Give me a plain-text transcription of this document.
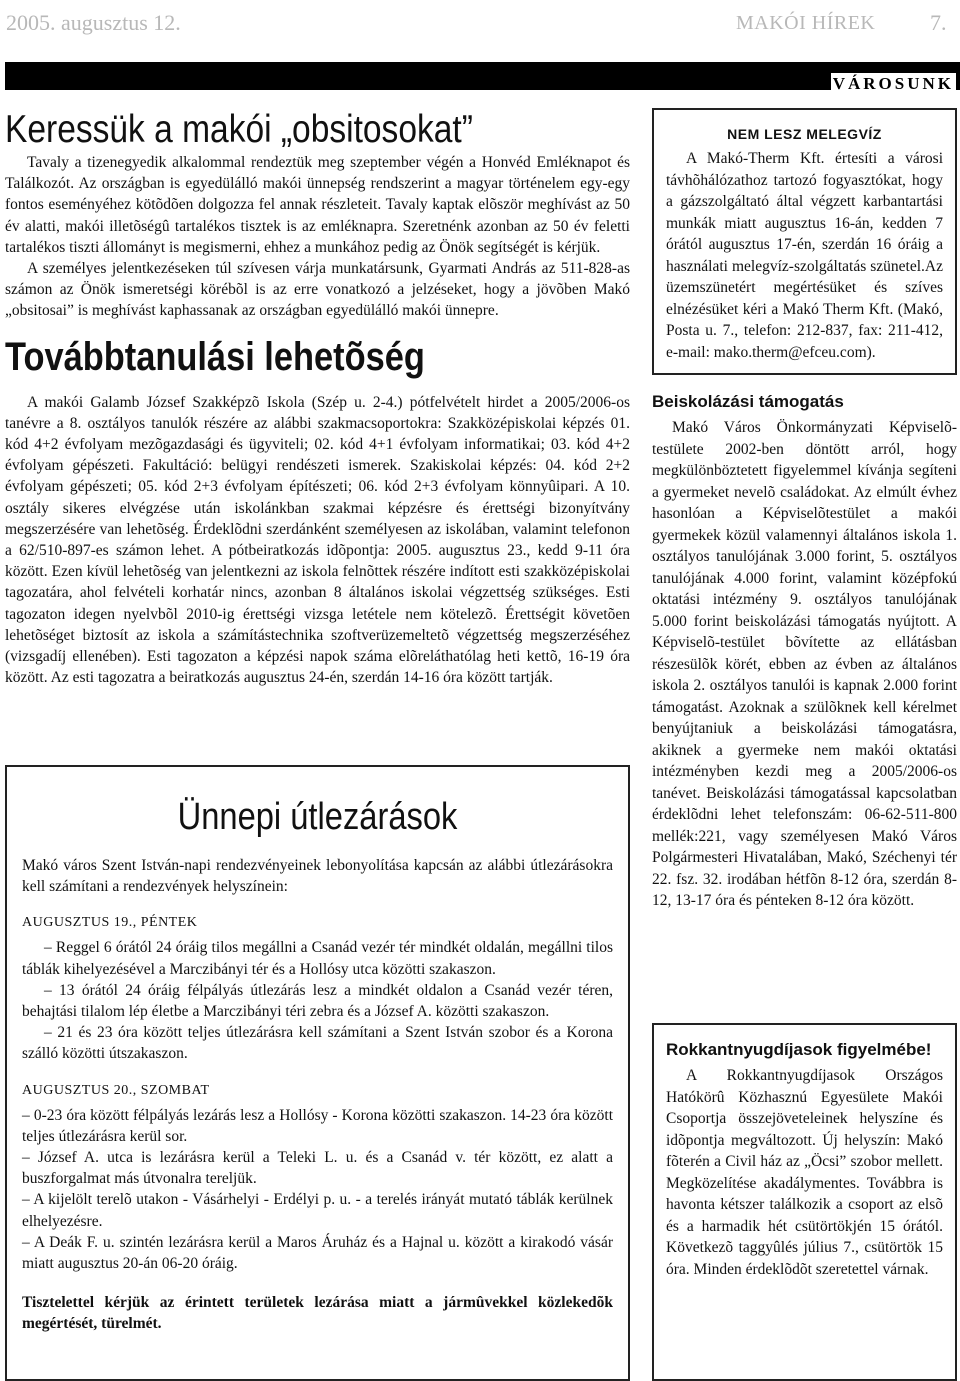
2005. augusztus 12.	MAKÓI HÍREK 7.
VÁROSUNK
Keressük a makói „obsitosokat”

Tavaly a tizenegyedik alkalommal rendeztük meg szeptember végén a Honvéd Emléknapot és Találkozót. Az országban is egyedülálló makói ünnepség rendszerint a magyar történelem egy-egy fontos eseményéhez kötõdõen dolgozza fel annak részleteit. Tavaly kaptak elõször meghívást az 50 év alatti, makói illetõségû tartalékos tisztek is az emléknapra. Szeretnénk azonban az 50 év feletti tartalékos tiszti állományt is megismerni, ehhez a munkához pedig az Önök segítségét is kérjük.

A személyes jelentkezéseken túl szívesen várja munkatársunk, Gyarmati András az 511-828-as számon az Önök ismeretségi körébõl is az erre vonatkozó a jelzéseket, hogy a jövõben Makó „obsitosai” is meghívást kaphassanak az országban egyedülálló makói ünnepre.

Továbbtanulási lehetõség

A makói Galamb József Szakképzõ Iskola (Szép u. 2-4.) pótfelvételt hirdet a 2005/2006-os tanévre a 8. osztályos tanulók részére az alábbi szakmacsoportokra: Szakközépiskolai képzés 01. kód 4+2 évfolyam mezõgazdasági és ügyviteli; 02. kód 4+1 évfolyam informatikai; 03. kód 4+2 évfolyam gépészeti. Fakultáció: belügyi rendészeti ismerek. Szakiskolai képzés: 04. kód 2+2 évfolyam gépészeti; 05. kód 2+3 évfolyam építészeti; 06. kód 2+3 évfolyam könnyûipari. A 10. osztály sikeres elvégzése után iskolánkban szakmai képzésre és érettségi bizonyítvány megszerzésére van lehetõség. Érdeklõdni szerdánként személyesen az iskolában, valamint telefonon a 62/510-897-es számon lehet. A pótbeiratkozás idõpontja: 2005. augusztus 23., kedd 9-11 óra között. Ezen kívül lehetõség van jelentkezni az iskola felnõttek részére indított esti szakközépiskolai tagozatára, ahol felvételi korhatár nincs, azonban 8 általános iskolai végzettség szükséges. Esti tagozaton idegen nyelvbõl 2010-ig érettségi vizsga letétele nem kötelezõ. Érettségit követõen lehetõséget biztosít az iskola a számítástechnika szoftverüzemeltetõ végzettség megszerzéséhez (vizsgadíj ellenében). Esti tagozaton a képzési napok száma elõreláthatólag heti kettõ, 16-19 óra között. Az esti tagozatra a beiratkozás augusztus 24-én, szerdán 14-16 óra között tartják.

Ünnepi útlezárások

Makó város Szent István-napi rendezvényeinek lebonyolítása kapcsán az alábbi útlezárásokra kell számítani a rendezvények helyszínein:

AUGUSZTUS 19., PÉNTEK

– Reggel 6 órától 24 óráig tilos megállni a Csanád vezér tér mindkét oldalán, megállni tilos táblák kihelyezésével a Marczibányi tér és a Hollósy utca közötti szakaszon.

– 13 órától 24 óráig félpályás útlezárás lesz a mindkét oldalon a Csanád vezér téren, behajtási tilalom lép életbe a Marczibányi téri zebra és a József A. közötti szakaszon.

– 21 és 23 óra között teljes útlezárásra kell számítani a Szent István szobor és a Korona szálló közötti útszakaszon.

AUGUSZTUS 20., SZOMBAT

– 0-23 óra között félpályás lezárás lesz a Hollósy - Korona közötti szakaszon. 14-23 óra között teljes útlezárásra kerül sor.

– József A. utca is lezárásra kerül a Teleki L. u. és a Csanád v. tér között, ez alatt a buszforgalmat más útvonalra tereljük.

– A kijelölt terelõ utakon - Vásárhelyi - Erdélyi p. u. - a terelés irányát mutató táblák kerülnek elhelyezésre.

– A Deák F. u. szintén lezárásra kerül a Maros Áruház és a Hajnal u. között a kirakodó vásár miatt augusztus 20-án 06-20 óráig.

Tisztelettel kérjük az érintett területek lezárása miatt a jármûvekkel közlekedõk megértését, türelmét.

NEM LESZ MELEGVÍZ

A Makó-Therm Kft. értesíti a városi távhõhálózathoz tartozó fogyasztókat, hogy a gázszolgáltató által végzett karbantartási munkák miatt augusztus 16-án, kedden 7 órától augusztus 17-én, szerdán 16 óráig a használati melegvíz-szolgáltatás szünetel.Az üzemszünetért megértésüket és szíves elnézésüket kéri a Makó Therm Kft. (Makó, Posta u. 7., telefon: 212-837, fax: 211-412, e-mail: mako.therm@efceu.com).

Beiskolázási támogatás

Makó Város Önkormányzati Képviselõ-testülete 2002-ben döntött arról, hogy megkülönböztetett figyelemmel kívánja segíteni a gyermeket nevelõ családokat. Az elmúlt évhez hasonlóan a Képviselõtestület a makói gyermekek közül valamennyi általános iskola 1. osztályos tanulójának 3.000 forint, 5. osztályos tanulójának 4.000 forint, valamint középfokú oktatási intézmény 9. osztályos tanulójának 5.000 forint beiskolázási támogatás nyújtott. A Képviselõ-testület bõvítette az ellátásban részesülõk körét, ebben az évben az általános iskola 2. osztályos tanulói is kapnak 2.000 forint támogatást. Azoknak a szülõknek kell kérelmet benyújtaniuk a beiskolázási támogatásra, akiknek a gyermeke nem makói oktatási intézményben kezdi meg a 2005/2006-os tanévet. Beiskolázási támogatással kapcsolatban érdeklõdni lehet telefonszám: 06-62-511-800 mellék:221, vagy személyesen Makó Város Polgármesteri Hivatalában, Makó, Széchenyi tér 22. fsz. 32. irodában hétfõn 8-12 óra, szerdán 8-12, 13-17 óra és pénteken 8-12 óra között.

Rokkantnyugdíjasok figyelmébe!

A Rokkantnyugdíjasok Országos Hatókörû Közhasznú Egyesülete Makói Csoportja összejöveteleinek helyszíne és idõpontja megváltozott. Új helyszín: Makó fõterén a Civil ház az „Öcsi” szobor mellett. Megközelítése akadálymentes. Továbbra is havonta kétszer találkozik a csoport az elsõ és a harmadik hét csütörtökjén 15 órától. Következõ taggyûlés július 7., csütörtök 15 óra. Minden érdeklõdõt szeretettel várnak.
